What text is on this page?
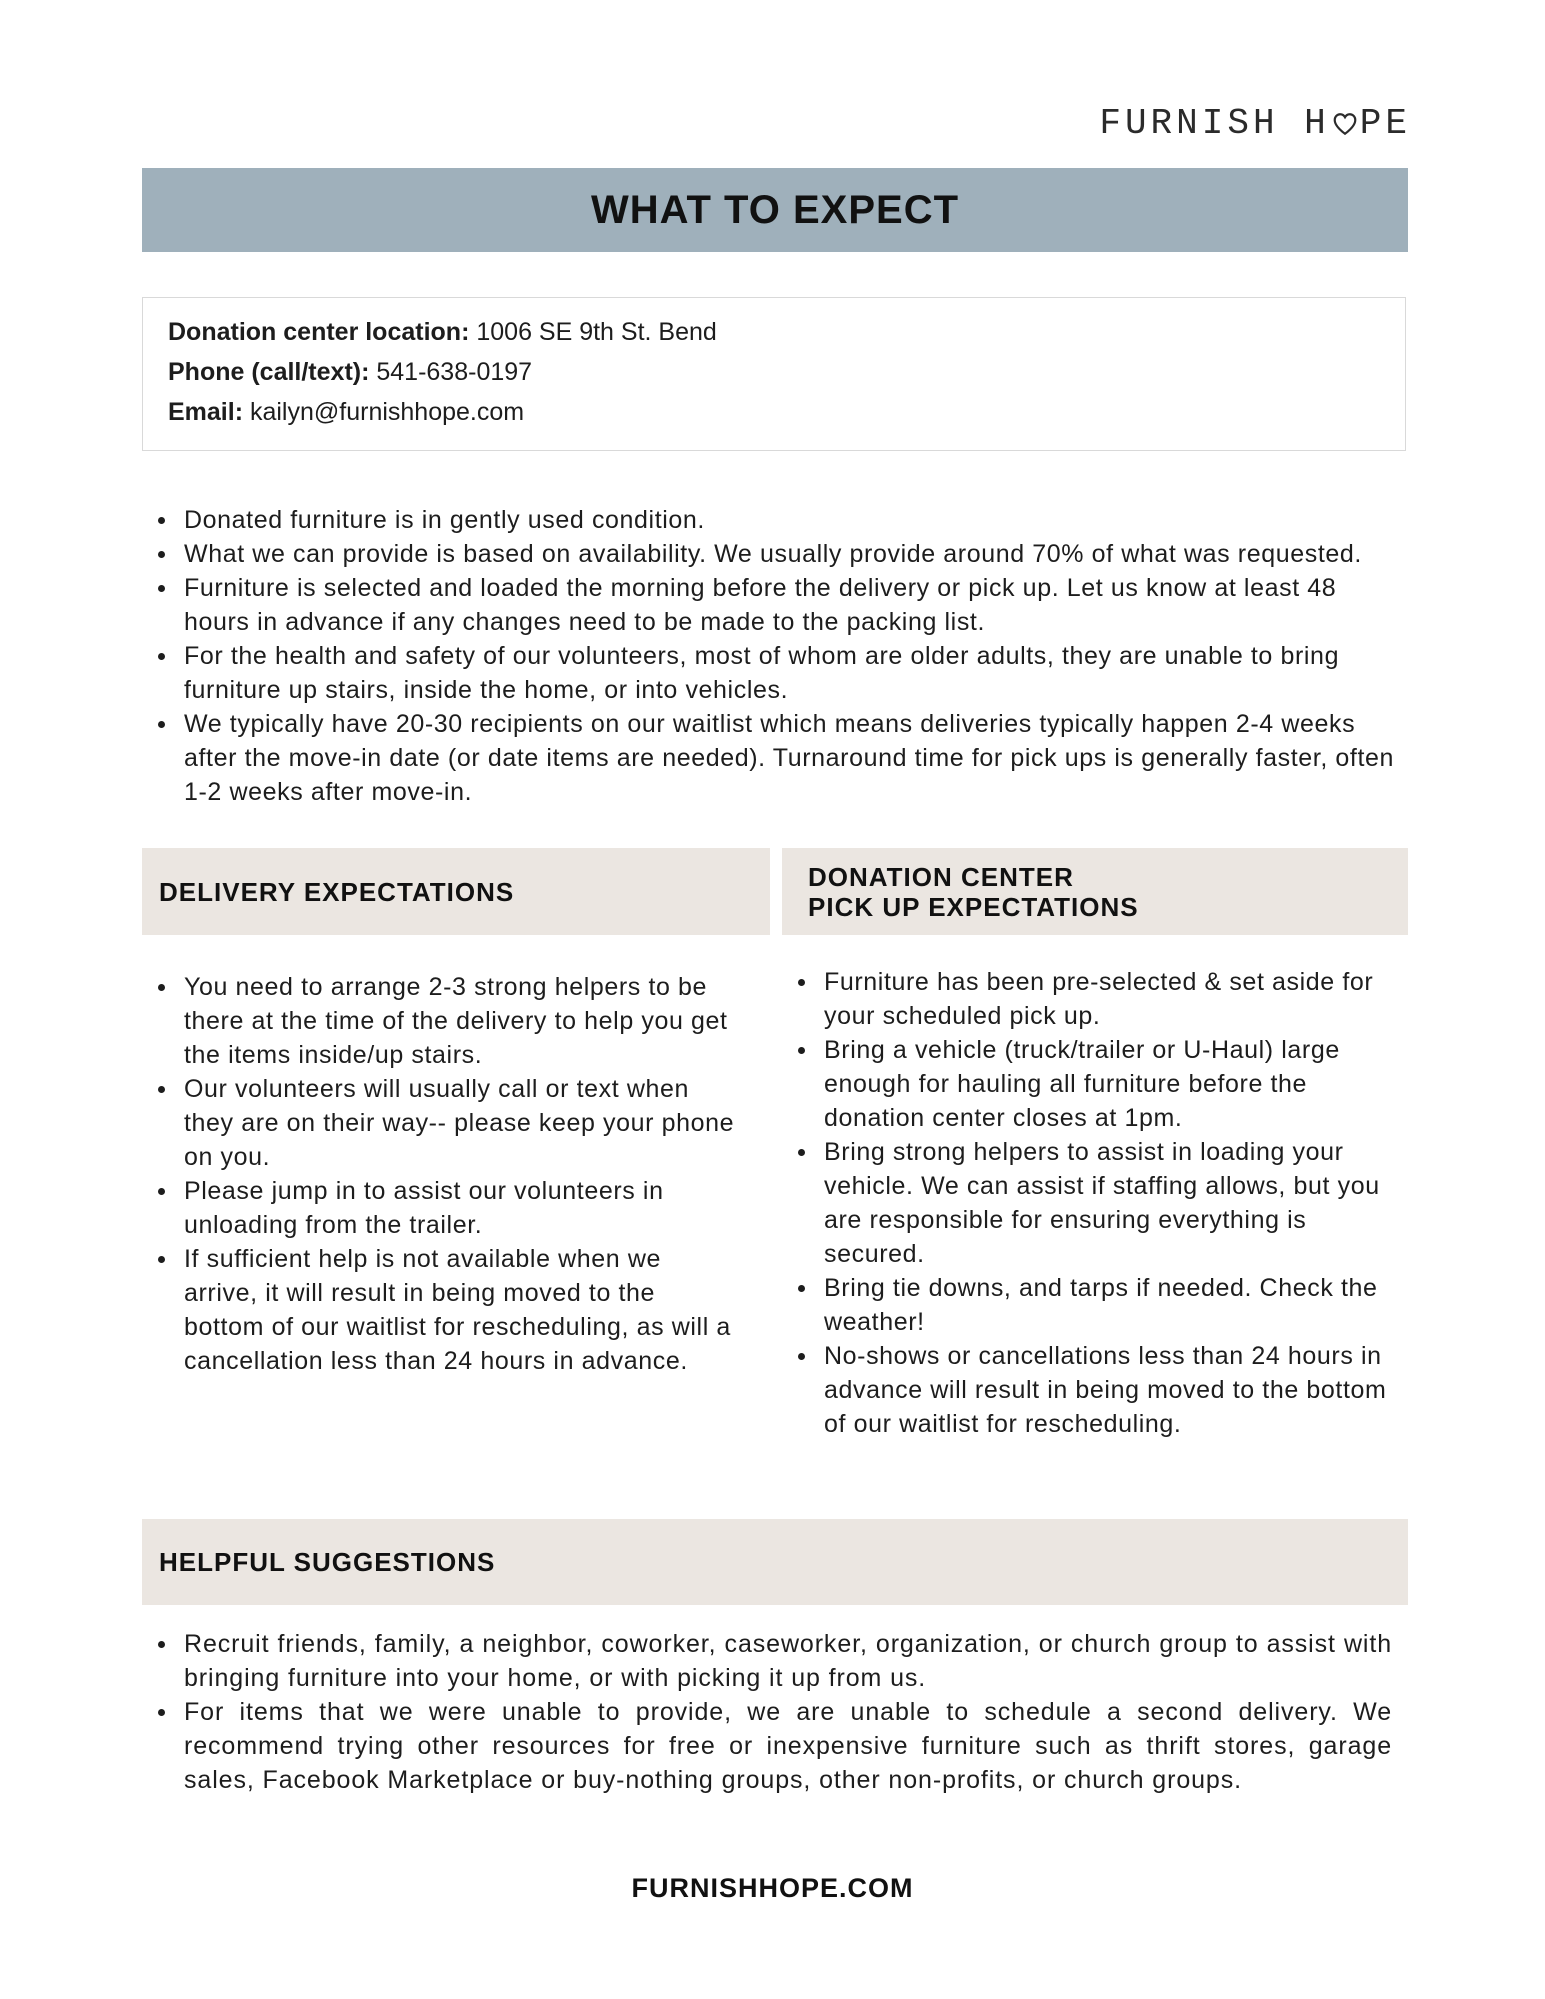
FURNISH H PE
WHAT TO EXPECT
Donation center location: 1006 SE 9th St. Bend
Phone (call/text): 541-638-0197
Email: kailyn@furnishhope.com
Donated furniture is in gently used condition.
What we can provide is based on availability. We usually provide around 70% of what was requested.
Furniture is selected and loaded the morning before the delivery or pick up. Let us know at least 48 hours in advance if any changes need to be made to the packing list.
For the health and safety of our volunteers, most of whom are older adults, they are unable to bring furniture up stairs, inside the home, or into vehicles.
We typically have 20-30 recipients on our waitlist which means deliveries typically happen 2-4 weeks after the move-in date (or date items are needed). Turnaround time for pick ups is generally faster, often 1-2 weeks after move-in.
DELIVERY EXPECTATIONS	DONATION CENTER
PICK UP EXPECTATIONS
You need to arrange 2-3 strong helpers to be there at the time of the delivery to help you get the items inside/up stairs.
Our volunteers will usually call or text when they are on their way-- please keep your phone on you.
Please jump in to assist our volunteers in unloading from the trailer.
If sufficient help is not available when we arrive, it will result in being moved to the bottom of our waitlist for rescheduling, as will a cancellation less than 24 hours in advance.
Furniture has been pre-selected & set aside for your scheduled pick up.
Bring a vehicle (truck/trailer or U-Haul) large enough for hauling all furniture before the donation center closes at 1pm.
Bring strong helpers to assist in loading your vehicle. We can assist if staffing allows, but you are responsible for ensuring everything is secured.
Bring tie downs, and tarps if needed. Check the weather!
No-shows or cancellations less than 24 hours in advance will result in being moved to the bottom of our waitlist for rescheduling.
HELPFUL SUGGESTIONS
Recruit friends, family, a neighbor, coworker, caseworker, organization, or church group to assist with bringing furniture into your home, or with picking it up from us.
For items that we were unable to provide, we are unable to schedule a second delivery. We recommend trying other resources for free or inexpensive furniture such as thrift stores, garage sales, Facebook Marketplace or buy-nothing groups, other non-profits, or church groups.
FURNISHHOPE.COM
